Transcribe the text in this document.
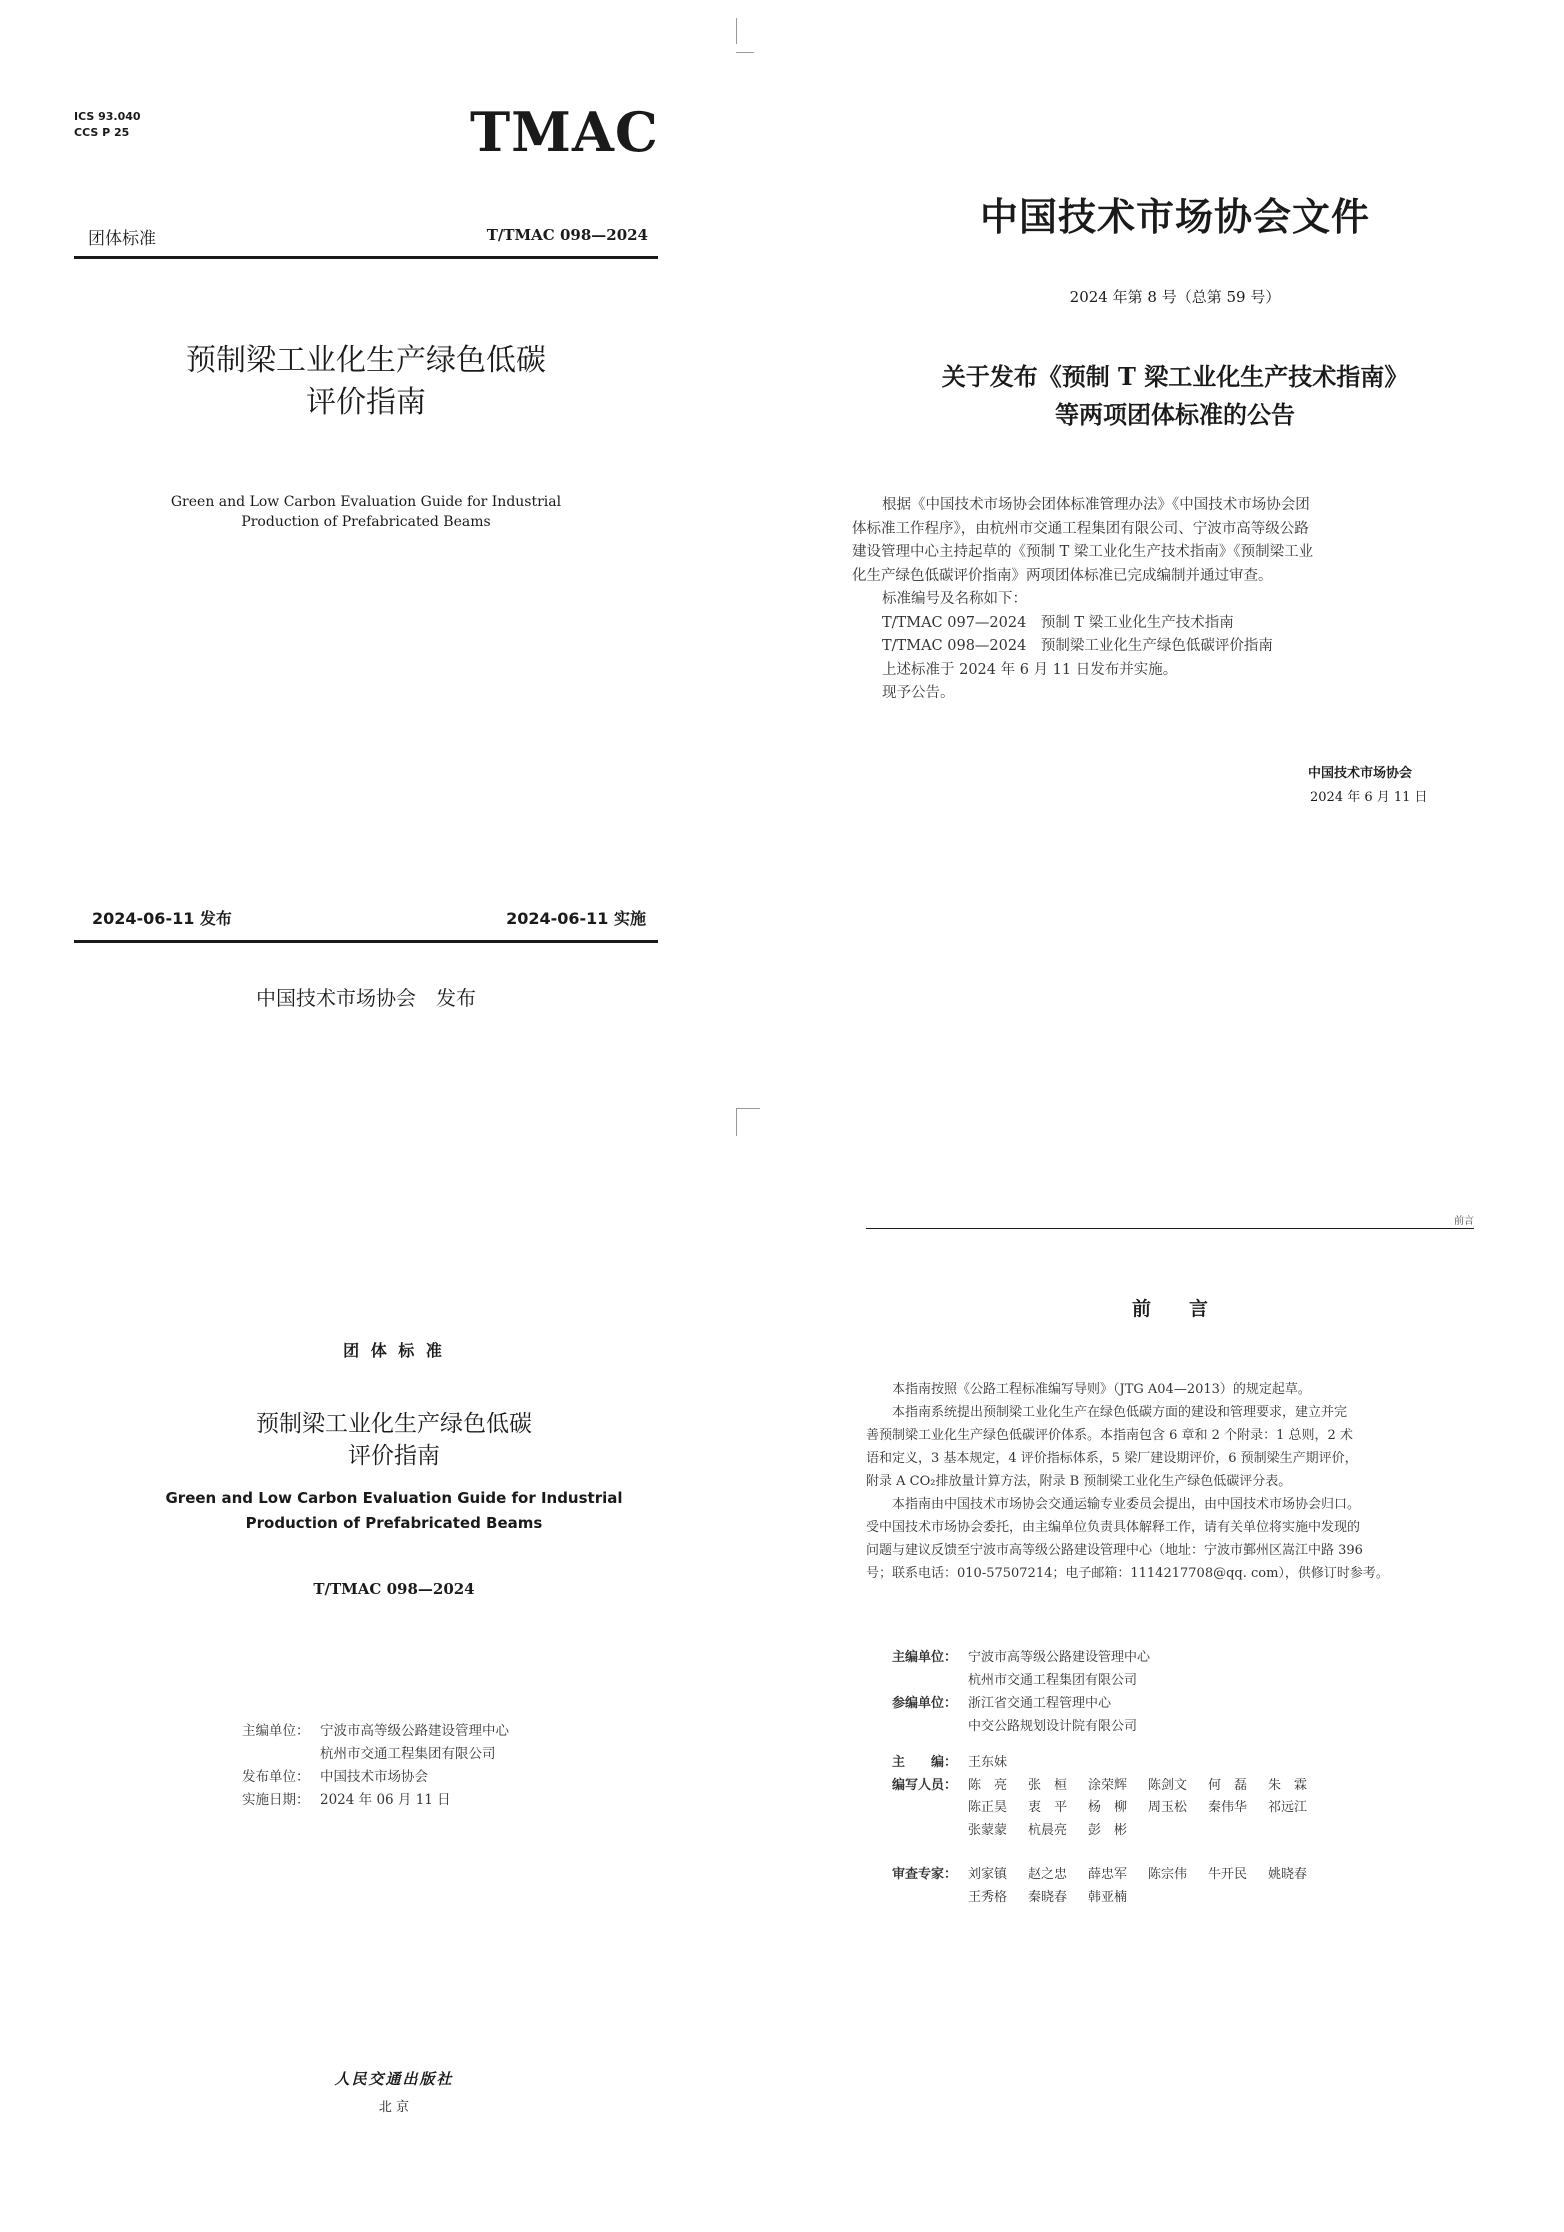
ICS 93.040
CCS P 25	TMAC
团体标准	T/TMAC 098—2024
预制梁工业化生产绿色低碳
评价指南
Green and Low Carbon Evaluation Guide for Industrial
Production of Prefabricated Beams
2024-06-11 发布	2024-06-11 实施
中国技术市场协会　发布
中国技术市场协会文件
2024 年第 8 号（总第 59 号）
关于发布《预制 T 梁工业化生产技术指南》
等两项团体标准的公告
根据《中国技术市场协会团体标准管理办法》《中国技术市场协会团
体标准工作程序》，由杭州市交通工程集团有限公司、宁波市高等级公路
建设管理中心主持起草的《预制 T 梁工业化生产技术指南》《预制梁工业
化生产绿色低碳评价指南》两项团体标准已完成编制并通过审查。
标准编号及名称如下：
T/TMAC 097—2024　预制 T 梁工业化生产技术指南
T/TMAC 098—2024　预制梁工业化生产绿色低碳评价指南
上述标准于 2024 年 6 月 11 日发布并实施。
现予公告。
中国技术市场协会
2024 年 6 月 11 日
团 体 标 准
预制梁工业化生产绿色低碳
评价指南
Green and Low Carbon Evaluation Guide for Industrial
Production of Prefabricated Beams
T/TMAC 098—2024
主编单位： 宁波市高等级公路建设管理中心
杭州市交通工程集团有限公司
发布单位： 中国技术市场协会
实施日期： 2024 年 06 月 11 日
人民交通出版社
北 京
前言
前　　言
本指南按照《公路工程标准编写导则》（JTG A04—2013）的规定起草。
本指南系统提出预制梁工业化生产在绿色低碳方面的建设和管理要求，建立并完
善预制梁工业化生产绿色低碳评价体系。本指南包含 6 章和 2 个附录：1 总则，2 术
语和定义，3 基本规定，4 评价指标体系，5 梁厂建设期评价，6 预制梁生产期评价，
附录 A CO₂排放量计算方法，附录 B 预制梁工业化生产绿色低碳评分表。
本指南由中国技术市场协会交通运输专业委员会提出，由中国技术市场协会归口。
受中国技术市场协会委托，由主编单位负责具体解释工作，请有关单位将实施中发现的
问题与建议反馈至宁波市高等级公路建设管理中心（地址：宁波市鄞州区嵩江中路 396
号；联系电话：010-57507214；电子邮箱：1114217708@qq. com），供修订时参考。
主编单位： 宁波市高等级公路建设管理中心
杭州市交通工程集团有限公司
参编单位： 浙江省交通工程管理中心
中交公路规划设计院有限公司
主　　编： 王东妹
编写人员： 陈　亮 张　桓 涂荣辉 陈剑文 何　磊 朱　霖
陈正昊 衷　平 杨　柳 周玉松 秦伟华 祁远江
张蒙蒙 杭晨亮 彭　彬
审查专家： 刘家镇 赵之忠 薛忠军 陈宗伟 牛开民 姚晓春
王秀格 秦晓春 韩亚楠
